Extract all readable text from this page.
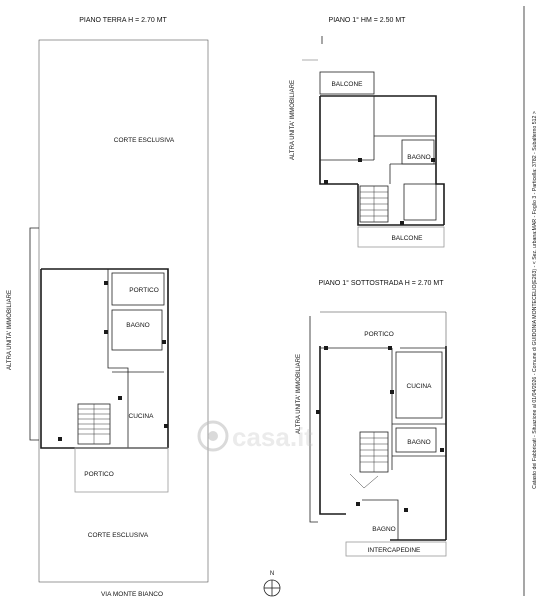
PIANO TERRA H = 2.70 MT
CORTE ESCLUSIVA
PORTICO
BAGNO
CUCINA
PORTICO
CORTE ESCLUSIVA
VIA MONTE BIANCO
ALTRA UNITA' IMMOBILIARE
PIANO 1° HM = 2.50 MT
BALCONE
BAGNO
BALCONE
ALTRA UNITA' IMMOBILIARE
PIANO 1° SOTTOSTRADA H = 2.70 MT
PORTICO
CUCINA
BAGNO
BAGNO
INTERCAPEDINE
ALTRA UNITA' IMMOBILIARE
N
casa.it	Catasto dei Fabbricati - Situazione al 01/04/2026 - Comune di GUIDONIA MONTECELIO(E263) - < Sez. urbana:MAR - Foglio 3 - Particella: 3782 - Subalterno 512 >
